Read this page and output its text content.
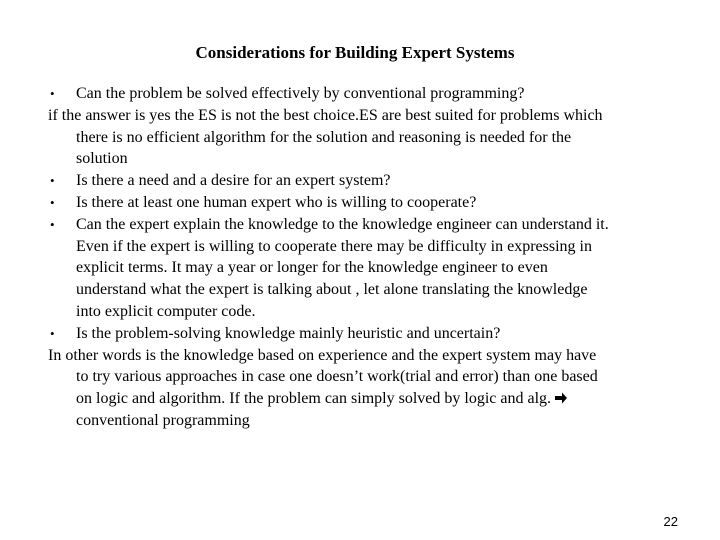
Considerations for Building Expert Systems
• Can the problem be solved effectively by conventional programming?
if the answer is yes the ES is not the best choice.ES are best suited for problems which
there is no efficient algorithm for the solution and reasoning is needed for the
solution
• Is there a need and a desire for an expert system?
• Is there at least one human expert who is willing to cooperate?
• Can the expert explain the knowledge to the knowledge engineer can understand it.
Even if the expert is willing to cooperate there may be difficulty in expressing in
explicit terms. It may a year or longer for the knowledge engineer to even
understand what the expert is talking about , let alone translating the knowledge
into explicit computer code.
• Is the problem-solving knowledge mainly heuristic and uncertain?
In other words is the knowledge based on experience and the expert system may have
to try various approaches in case one doesn’t work(trial and error) than one based
on logic and algorithm. If the problem can simply solved by logic and alg.
conventional programming
22
